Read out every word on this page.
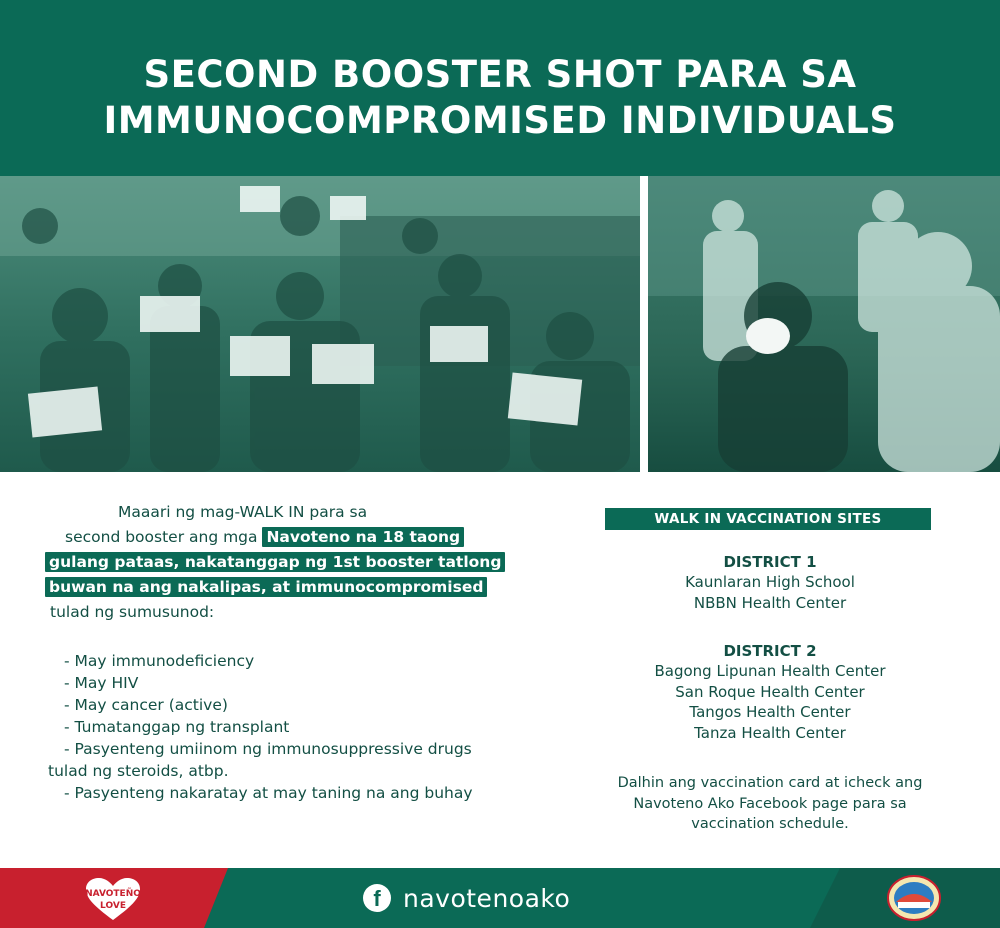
SECOND BOOSTER SHOT PARA SA
IMMUNOCOMPROMISED INDIVIDUALS
Maaari ng mag-WALK IN para sa
second booster ang mga Navoteno na 18 taong
gulang pataas, nakatanggap ng 1st booster tatlong
buwan na ang nakalipas, at immunocompromised
tulad ng sumusunod:
- May immunodeficiency
- May HIV
- May cancer (active)
- Tumatanggap ng transplant
- Pasyenteng umiinom ng immunosuppressive drugs
tulad ng steroids, atbp.
- Pasyenteng nakaratay at may taning na ang buhay
WALK IN VACCINATION SITES
DISTRICT 1
Kaunlaran High School
NBBN Health Center
DISTRICT 2
Bagong Lipunan Health Center
San Roque Health Center
Tangos Health Center
Tanza Health Center
Dalhin ang vaccination card at icheck ang
Navoteno Ako Facebook page para sa
vaccination schedule.
NAVOTEÑO
LOVE	f navotenoako
